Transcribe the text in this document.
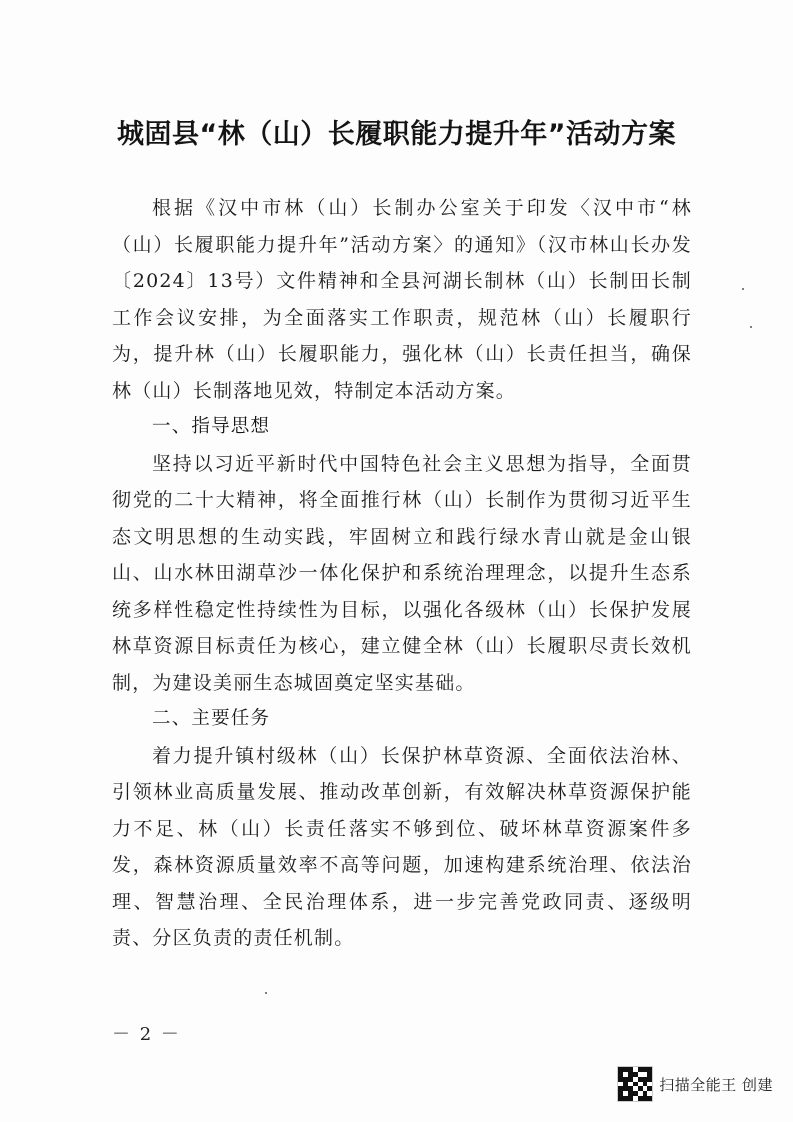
城固县“林（山）长履职能力提升年”活动方案

根据《汉中市林（山）长制办公室关于印发〈汉中市“林（山）长履职能力提升年”活动方案〉的通知》（汉市林山长办发〔2024〕13号）文件精神和全县河湖长制林（山）长制田长制工作会议安排，为全面落实工作职责，规范林（山）长履职行为，提升林（山）长履职能力，强化林（山）长责任担当，确保林（山）长制落地见效，特制定本活动方案。

一、指导思想

坚持以习近平新时代中国特色社会主义思想为指导，全面贯彻党的二十大精神，将全面推行林（山）长制作为贯彻习近平生态文明思想的生动实践，牢固树立和践行绿水青山就是金山银山、山水林田湖草沙一体化保护和系统治理理念，以提升生态系统多样性稳定性持续性为目标，以强化各级林（山）长保护发展林草资源目标责任为核心，建立健全林（山）长履职尽责长效机制，为建设美丽生态城固奠定坚实基础。

二、主要任务

着力提升镇村级林（山）长保护林草资源、全面依法治林、引领林业高质量发展、推动改革创新，有效解决林草资源保护能力不足、林（山）长责任落实不够到位、破坏林草资源案件多发，森林资源质量效率不高等问题，加速构建系统治理、依法治理、智慧治理、全民治理体系，进一步完善党政同责、逐级明责、分区负责的责任机制。

－ 2 －
扫描全能王 创建
